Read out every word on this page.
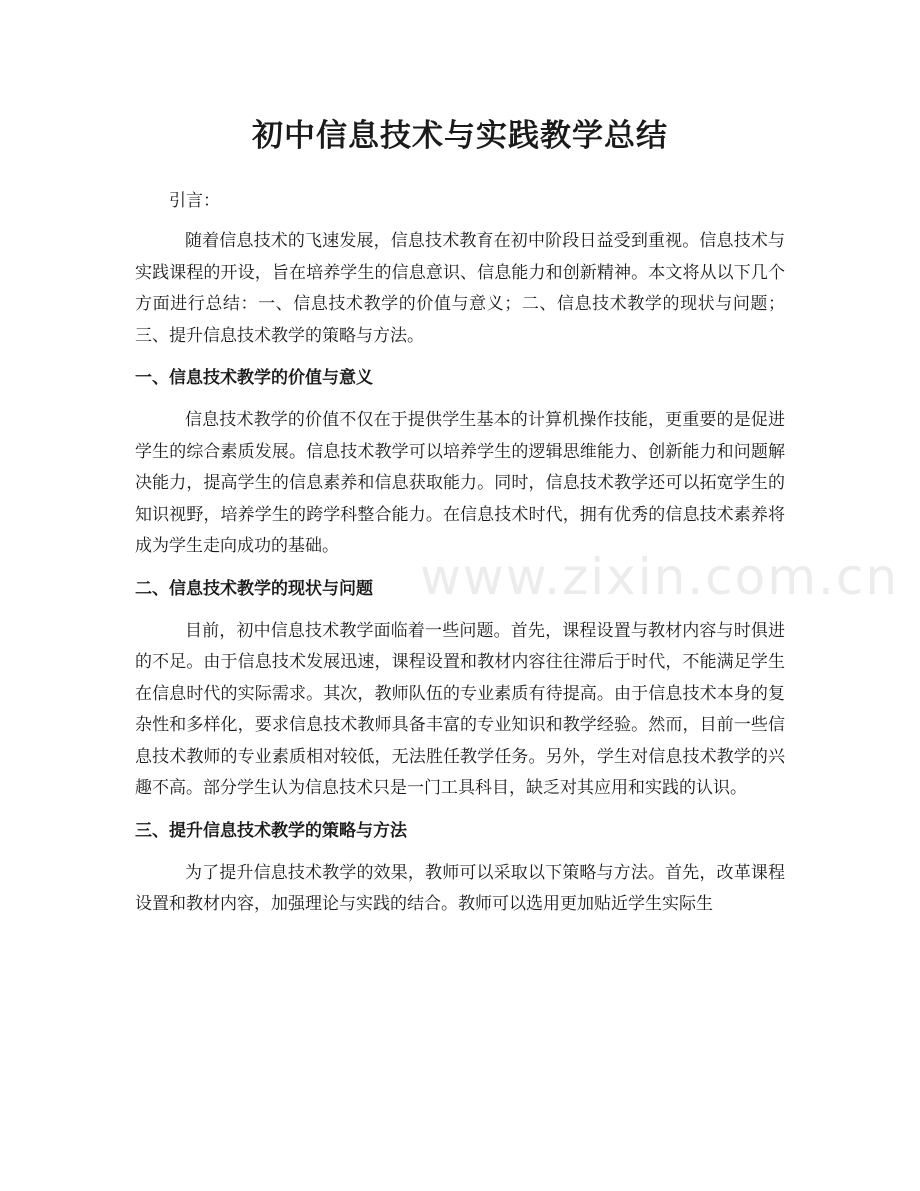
初中信息技术与实践教学总结

引言：

随着信息技术的飞速发展，信息技术教育在初中阶段日益受到重视。信息技术与实践课程的开设，旨在培养学生的信息意识、信息能力和创新精神。本文将从以下几个方面进行总结：一、信息技术教学的价值与意义；二、信息技术教学的现状与问题；三、提升信息技术教学的策略与方法。

一、信息技术教学的价值与意义

信息技术教学的价值不仅在于提供学生基本的计算机操作技能，更重要的是促进学生的综合素质发展。信息技术教学可以培养学生的逻辑思维能力、创新能力和问题解决能力，提高学生的信息素养和信息获取能力。同时，信息技术教学还可以拓宽学生的知识视野，培养学生的跨学科整合能力。在信息技术时代，拥有优秀的信息技术素养将成为学生走向成功的基础。

二、信息技术教学的现状与问题

目前，初中信息技术教学面临着一些问题。首先，课程设置与教材内容与时俱进的不足。由于信息技术发展迅速，课程设置和教材内容往往滞后于时代，不能满足学生在信息时代的实际需求。其次，教师队伍的专业素质有待提高。由于信息技术本身的复杂性和多样化，要求信息技术教师具备丰富的专业知识和教学经验。然而，目前一些信息技术教师的专业素质相对较低，无法胜任教学任务。另外，学生对信息技术教学的兴趣不高。部分学生认为信息技术只是一门工具科目，缺乏对其应用和实践的认识。

三、提升信息技术教学的策略与方法

为了提升信息技术教学的效果，教师可以采取以下策略与方法。首先，改革课程设置和教材内容，加强理论与实践的结合。教师可以选用更加贴近学生实际生

www.zixin.com.cn
